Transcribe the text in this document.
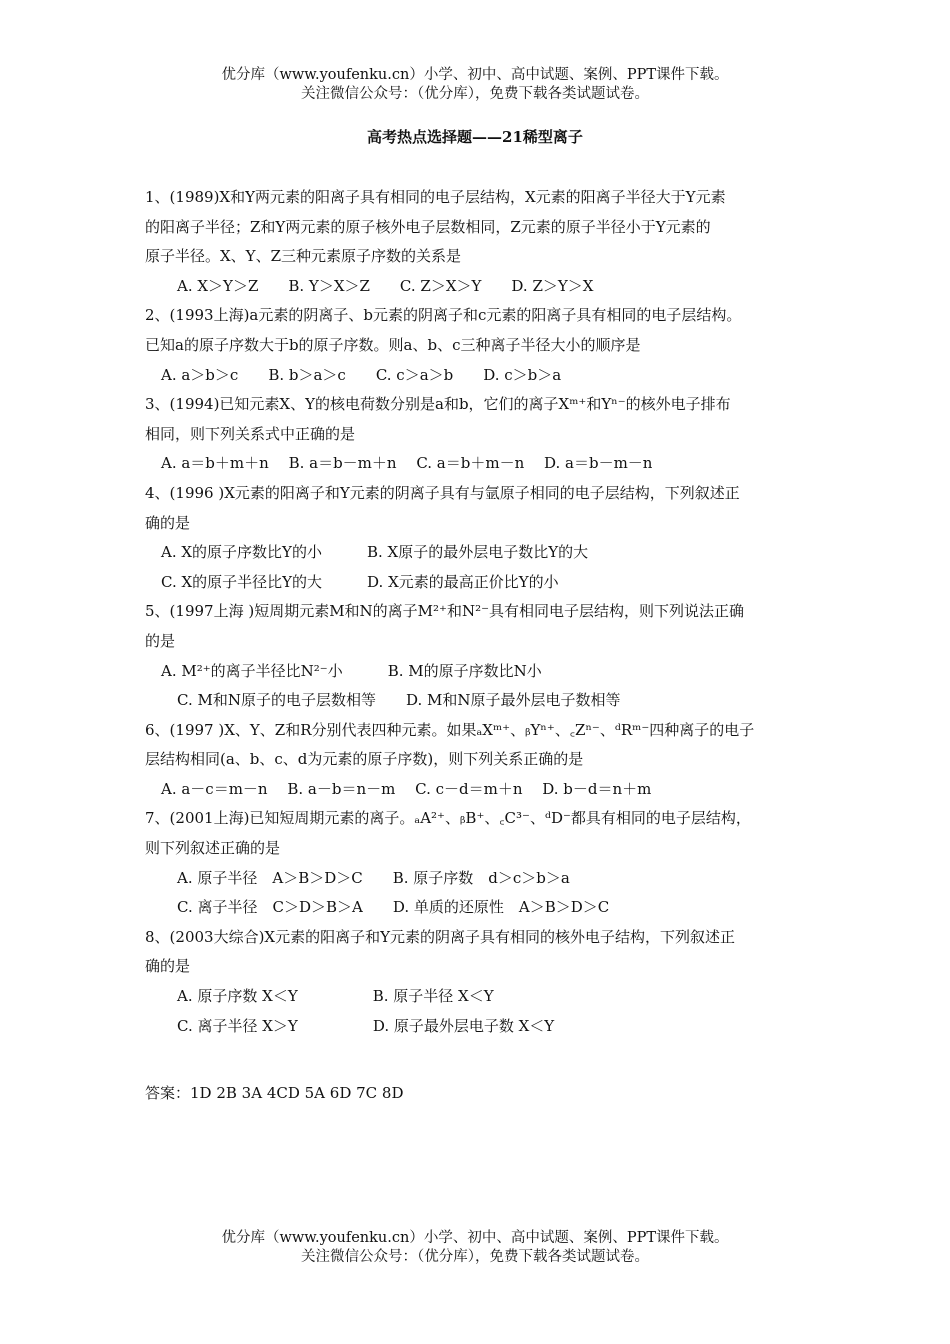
优分库（www.youfenku.cn）小学、初中、高中试题、案例、PPT课件下载。
关注微信公众号：（优分库），免费下载各类试题试卷。
高考热点选择题——21稀型离子
1、(1989)X和Y两元素的阳离子具有相同的电子层结构，X元素的阳离子半径大于Y元素
的阳离子半径；Z和Y两元素的原子核外电子层数相同，Z元素的原子半径小于Y元素的
原子半径。X、Y、Z三种元素原子序数的关系是
A. X＞Y＞Z　　B. Y＞X＞Z　　C. Z＞X＞Y　　D. Z＞Y＞X
2、(1993上海)a元素的阴离子、b元素的阴离子和c元素的阳离子具有相同的电子层结构。
已知a的原子序数大于b的原子序数。则a、b、c三种离子半径大小的顺序是
A. a＞b＞c　　B. b＞a＞c　　C. c＞a＞b　　D. c＞b＞a
3、(1994)已知元素X、Y的核电荷数分别是a和b，它们的离子Xᵐ⁺和Yⁿ⁻的核外电子排布
相同，则下列关系式中正确的是
A. a＝b＋m＋n　 B. a＝b－m＋n　 C. a＝b＋m－n　 D. a＝b－m－n
4、(1996 )X元素的阳离子和Y元素的阴离子具有与氩原子相同的电子层结构，下列叙述正
确的是
A. X的原子序数比Y的小　　　B. X原子的最外层电子数比Y的大
C. X的原子半径比Y的大　　　D. X元素的最高正价比Y的小
5、(1997上海 )短周期元素M和N的离子M²⁺和N²⁻具有相同电子层结构，则下列说法正确
的是
A. M²⁺的离子半径比N²⁻小　　　B. M的原子序数比N小
C. M和N原子的电子层数相等　　D. M和N原子最外层电子数相等
6、(1997 )X、Y、Z和R分别代表四种元素。如果ₐXᵐ⁺、ᵦYⁿ⁺、꜀Zⁿ⁻、ᵈRᵐ⁻四种离子的电子
层结构相同(a、b、c、d为元素的原子序数)，则下列关系正确的是
A. a－c＝m－n　 B. a－b＝n－m　 C. c－d＝m＋n　 D. b－d＝n＋m
7、(2001上海)已知短周期元素的离子。ₐA²⁺、ᵦB⁺、꜀C³⁻、ᵈD⁻都具有相同的电子层结构，
则下列叙述正确的是
A. 原子半径　A＞B＞D＞C　　B. 原子序数　d＞c＞b＞a
C. 离子半径　C＞D＞B＞A　　D. 单质的还原性　A＞B＞D＞C
8、(2003大综合)X元素的阳离子和Y元素的阴离子具有相同的核外电子结构，下列叙述正
确的是
A. 原子序数 X＜Y　　　　　B. 原子半径 X＜Y
C. 离子半径 X＞Y　　　　　D. 原子最外层电子数 X＜Y
答案：1D 2B 3A 4CD 5A 6D 7C 8D
优分库（www.youfenku.cn）小学、初中、高中试题、案例、PPT课件下载。
关注微信公众号：（优分库），免费下载各类试题试卷。
